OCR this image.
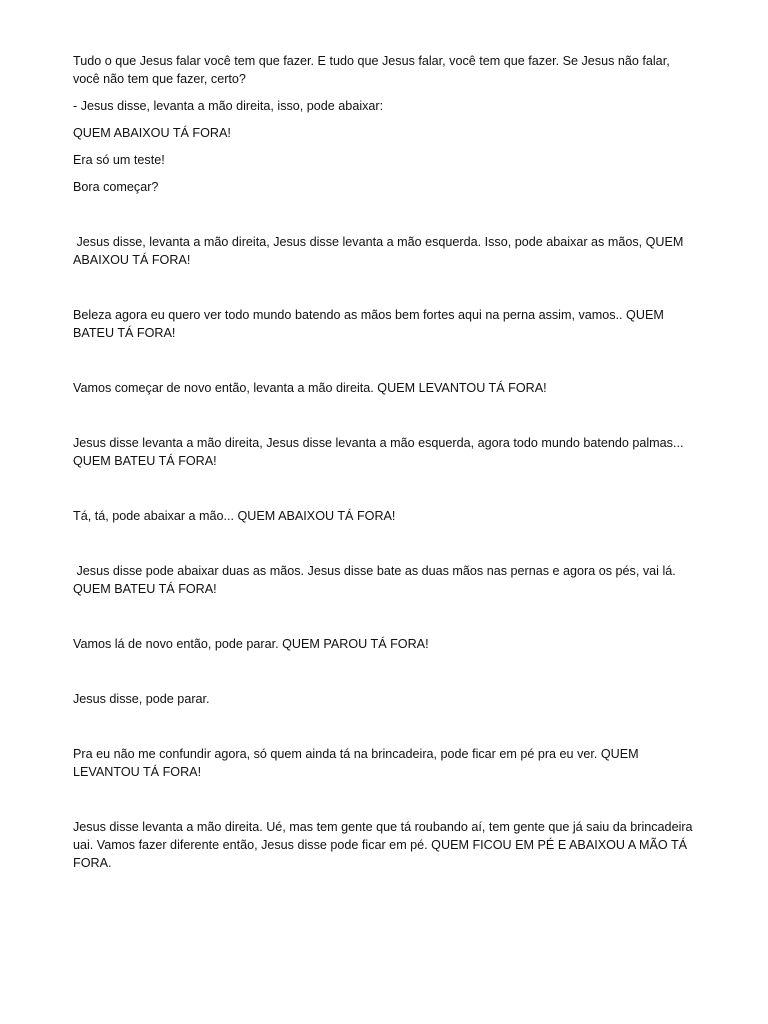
Tudo o que Jesus falar você tem que fazer. E tudo que Jesus falar, você tem que fazer. Se Jesus não falar, você não tem que fazer, certo?

- Jesus disse, levanta a mão direita, isso, pode abaixar:

QUEM ABAIXOU TÁ FORA!

Era só um teste!

Bora começar?

Jesus disse, levanta a mão direita, Jesus disse levanta a mão esquerda. Isso, pode abaixar as mãos, QUEM ABAIXOU TÁ FORA!

Beleza agora eu quero ver todo mundo batendo as mãos bem fortes aqui na perna assim, vamos.. QUEM BATEU TÁ FORA!

Vamos começar de novo então, levanta a mão direita. QUEM LEVANTOU TÁ FORA!

Jesus disse levanta a mão direita, Jesus disse levanta a mão esquerda, agora todo mundo batendo palmas... QUEM BATEU TÁ FORA!

Tá, tá, pode abaixar a mão... QUEM ABAIXOU TÁ FORA!

Jesus disse pode abaixar duas as mãos. Jesus disse bate as duas mãos nas pernas e agora os pés, vai lá. QUEM BATEU TÁ FORA!

Vamos lá de novo então, pode parar. QUEM PAROU TÁ FORA!

Jesus disse, pode parar.

Pra eu não me confundir agora, só quem ainda tá na brincadeira, pode ficar em pé pra eu ver. QUEM LEVANTOU TÁ FORA!

Jesus disse levanta a mão direita. Ué, mas tem gente que tá roubando aí, tem gente que já saiu da brincadeira uai. Vamos fazer diferente então, Jesus disse pode ficar em pé. QUEM FICOU EM PÉ E ABAIXOU A MÃO TÁ FORA.
